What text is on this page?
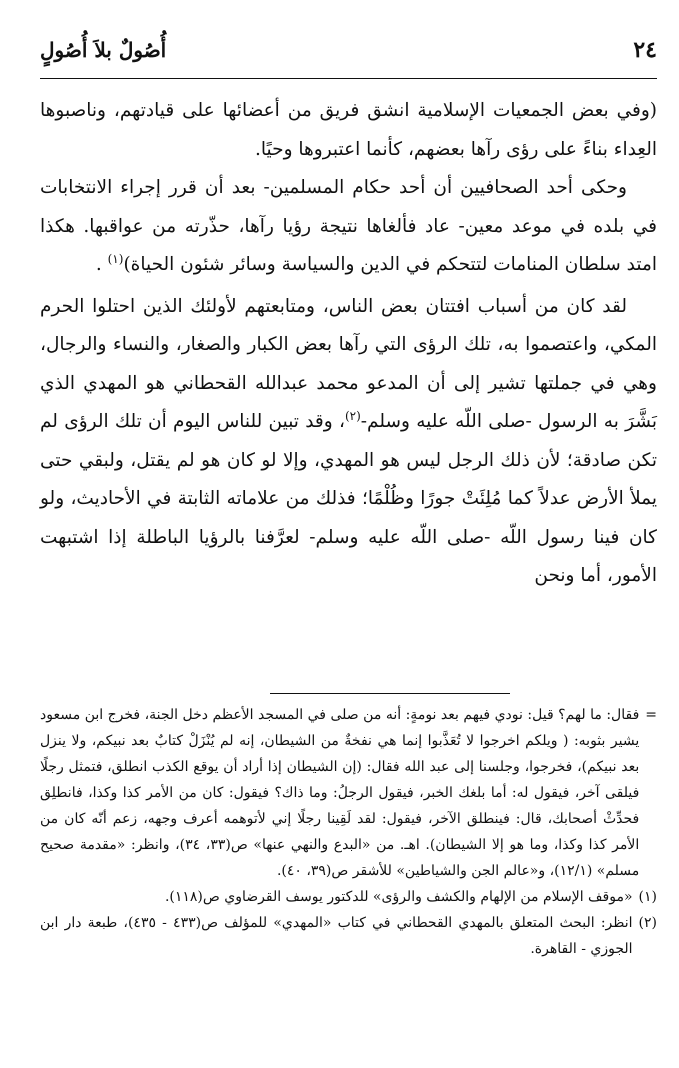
٢٤
أُصُولٌ بلاَ أُصُولٍ

(وفي بعض الجمعيات الإسلامية انشق فريق من أعضائها على قيادتهم، وناصبوها العِداء بناءً على رؤى رآها بعضهم، كأنما اعتبروها وحيًا.

وحكى أحد الصحافيين أن أحد حكام المسلمين- بعد أن قرر إجراء الانتخابات في بلده في موعد معين- عاد فألغاها نتيجة رؤيا رآها، حذّرته من عواقبها. هكذا امتد سلطان المنامات لتتحكم في الدين والسياسة وسائر شئون الحياة)$^{(١)}$ .

لقد كان من أسباب افتتان بعض الناس، ومتابعتهم لأولئك الذين احتلوا الحرم المكي، واعتصموا به، تلك الرؤى التي رآها بعض الكبار والصغار، والنساء والرجال، وهي في جملتها تشير إلى أن المدعو محمد عبدالله القحطاني هو المهدي الذي بَشَّرَ به الرسول -صلى اللّه عليه وسلم-$^{(٢)}$، وقد تبين للناس اليوم أن تلك الرؤى لم تكن صادقة؛ لأن ذلك الرجل ليس هو المهدي، وإلا لو كان هو لم يقتل، ولبقي حتى يملأ الأرض عدلاً كما مُلِئَتْ جورًا وظُلْمًا؛ فذلك من علاماته الثابتة في الأحاديث، ولو كان فينا رسول اللّه -صلى اللّه عليه وسلم- لعرَّفنا بالرؤيا الباطلة إذا اشتبهت الأمور، أما ونحن

=
فقال: ما لهم؟ قيل: نودي فيهم بعد نومةٍ: أنه من صلى في المسجد الأعظم دخل الجنة، فخرج ابن مسعود يشير بثوبه: ( ويلكم اخرجوا لا تُعَذَّبوا إنما هي نفخةٌ من الشيطان، إنه لم يُنْزَلْ كتابٌ بعد نبيكم، ولا ينزل بعد نبيكم)، فخرجوا، وجلسنا إلى عبد الله فقال: (إن الشيطان إذا أراد أن يوقع الكذب انطلق، فتمثل رجلًا فيلقى آخر، فيقول له: أما بلغك الخبر، فيقول الرجلُ: وما ذاك؟ فيقول: كان من الأمر كذا وكذا، فانطلِق فحدِّثْ أصحابك، قال: فينطلق الآخر، فيقول: لقد لَقِينا رجلًا إني لأتوهمه أعرف وجهه، زعم أنّه كان من الأمر كذا وكذا، وما هو إلا الشيطان). اهـ. من «البدع والنهي عنها» ص(٣٣، ٣٤)، وانظر: «مقدمة صحيح مسلم» (١٢/١)، و«عالم الجن والشياطين» للأشقر ص(٣٩، ٤٠).
(١)
«موقف الإسلام من الإلهام والكشف والرؤى» للدكتور يوسف القرضاوي ص(١١٨).
(٢)
انظر: البحث المتعلق بالمهدي القحطاني في كتاب «المهدي» للمؤلف ص(٤٣٣ - ٤٣٥)، طبعة دار ابن الجوزي - القاهرة.
